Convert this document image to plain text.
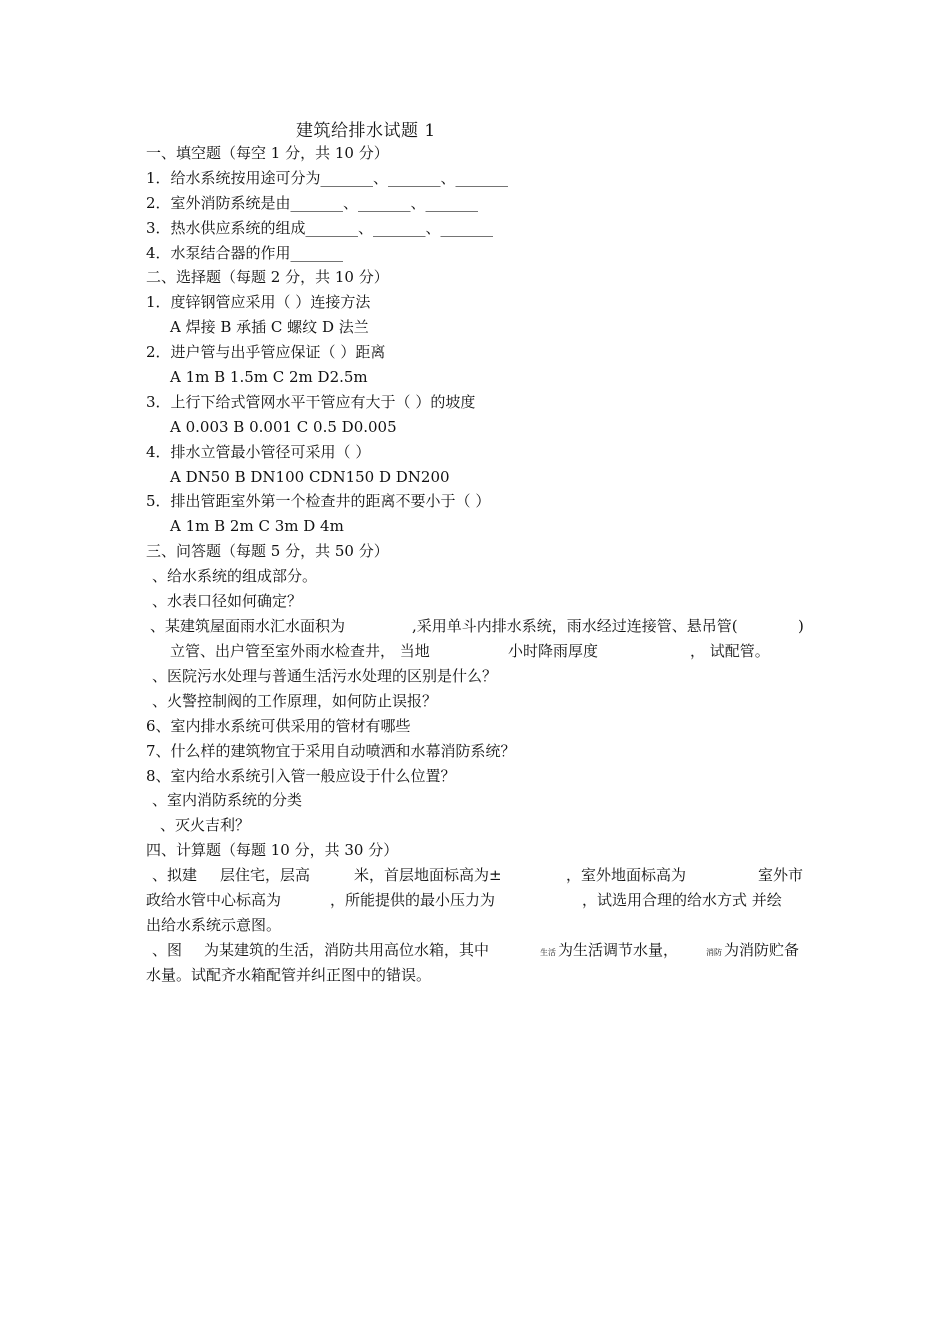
建筑给排水试题 1
一、填空题（每空 1 分，共 10 分）
1．给水系统按用途可分为_______、_______、_______
2．室外消防系统是由_______、_______、_______
3．热水供应系统的组成_______、_______、_______
4．水泵结合器的作用_______
二、选择题（每题 2 分，共 10 分）
1．度锌钢管应采用（ ）连接方法
A 焊接 B 承插 C 螺纹 D 法兰
2．进户管与出乎管应保证（ ）距离
A 1m B 1.5m C 2m D2.5m
3．上行下给式管网水平干管应有大于（ ）的坡度
A 0.003 B 0.001 C 0.5 D0.005
4．排水立管最小管径可采用（ ）
A DN50 B DN100 CDN150 D DN200
5．排出管距室外第一个检查井的距离不要小于（ ）
A 1m B 2m C 3m D 4m
三、问答题（每题 5 分，共 50 分）
、给水系统的组成部分。
、水表口径如何确定？
、某建筑屋面雨水汇水面积为	,采用单斗内排水系统，雨水经过连接管、悬吊管(	)
立管、出户管至室外雨水检查井， 当地	小时降雨厚度	， 试配管。
、医院污水处理与普通生活污水处理的区别是什么？
、火警控制阀的工作原理，如何防止误报？
6、室内排水系统可供采用的管材有哪些
7、什么样的建筑物宜于采用自动喷洒和水幕消防系统？
8、室内给水系统引入管一般应设于什么位置？
、室内消防系统的分类
、灭火吉利？
四、计算题（每题 10 分，共 30 分）
、拟建 层住宅，层高	米，首层地面标高为±	，室外地面标高为	室外市
政给水管中心标高为	，所能提供的最小压力为	，试选用合理的给水方式 并绘
出给水系统示意图。
、图 为某建筑的生活，消防共用高位水箱，其中	生活 为生活调节水量，	消防 为消防贮备
水量。试配齐水箱配管并纠正图中的错误。
